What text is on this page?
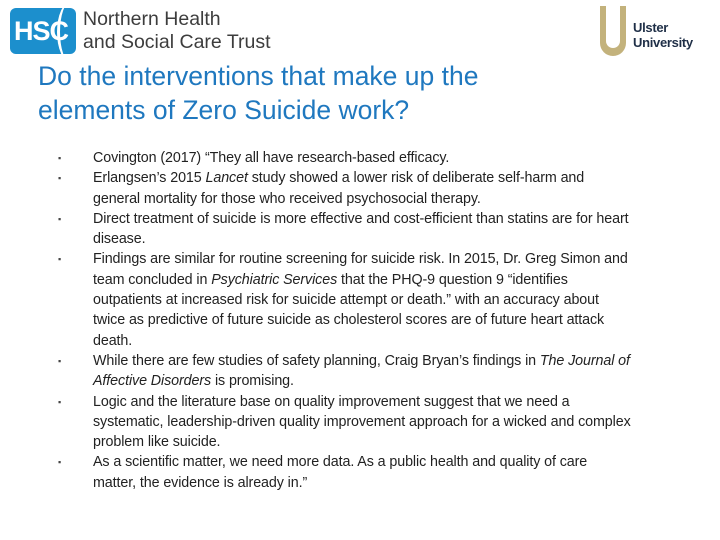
HSC Northern Health
and Social Care Trust
Ulster
University
Do the interventions that make up the
elements of Zero Suicide work?
▪ Covington (2017) “They all have research-based efficacy.
▪ Erlangsen’s 2015 Lancet study showed a lower risk of deliberate self-harm and
general mortality for those who received psychosocial therapy.
▪ Direct treatment of suicide is more effective and cost-efficient than statins are for heart
disease.
▪ Findings are similar for routine screening for suicide risk. In 2015, Dr. Greg Simon and
team concluded in Psychiatric Services that the PHQ-9 question 9 “identifies
outpatients at increased risk for suicide attempt or death.” with an accuracy about
twice as predictive of future suicide as cholesterol scores are of future heart attack
death.
▪ While there are few studies of safety planning, Craig Bryan’s findings in The Journal of
Affective Disorders is promising.
▪ Logic and the literature base on quality improvement suggest that we need a
systematic, leadership-driven quality improvement approach for a wicked and complex
problem like suicide.
▪ As a scientific matter, we need more data. As a public health and quality of care
matter, the evidence is already in.”
